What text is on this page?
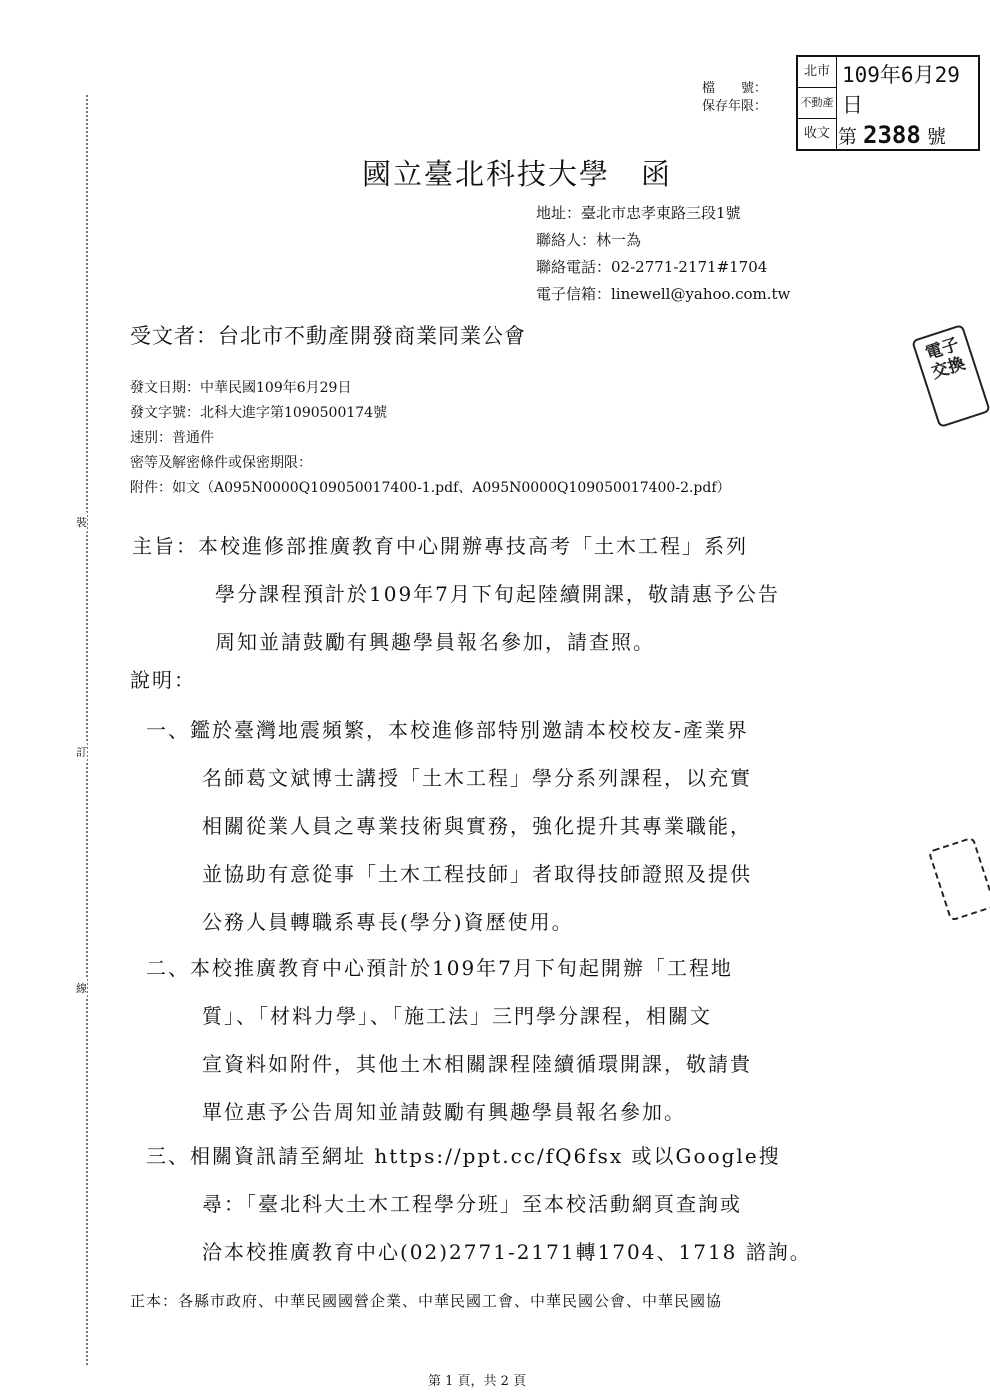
裝
訂
線
檔　　號：
保存年限：
北市
不動產
收文
109年6月29日
第 2388 號
國立臺北科技大學　函
地址：臺北市忠孝東路三段1號
聯絡人：林一為
聯絡電話：02-2771-2171#1704
電子信箱：linewell@yahoo.com.tw
受文者：台北市不動產開發商業同業公會	電子
交換
發文日期：中華民國109年6月29日
發文字號：北科大進字第1090500174號
速別：普通件
密等及解密條件或保密期限：
附件：如文（A095N0000Q109050017400-1.pdf、A095N0000Q109050017400-2.pdf）
主旨：本校進修部推廣教育中心開辦專技高考「土木工程」系列
學分課程預計於109年7月下旬起陸續開課，敬請惠予公告
周知並請鼓勵有興趣學員報名參加，請查照。
說明：
一、鑑於臺灣地震頻繁，本校進修部特別邀請本校校友-產業界
名師葛文斌博士講授「土木工程」學分系列課程，以充實
相關從業人員之專業技術與實務，強化提升其專業職能，
並協助有意從事「土木工程技師」者取得技師證照及提供
公務人員轉職系專長(學分)資歷使用。
二、本校推廣教育中心預計於109年7月下旬起開辦「工程地
質」、「材料力學」、「施工法」三門學分課程，相關文
宣資料如附件，其他土木相關課程陸續循環開課，敬請貴
單位惠予公告周知並請鼓勵有興趣學員報名參加。
三、相關資訊請至網址 https://ppt.cc/fQ6fsx 或以Google搜
尋：「臺北科大土木工程學分班」至本校活動網頁查詢或
洽本校推廣教育中心(02)2771-2171轉1704、1718 諮詢。
正本：各縣市政府、中華民國國營企業、中華民國工會、中華民國公會、中華民國協
第 1 頁，共 2 頁
